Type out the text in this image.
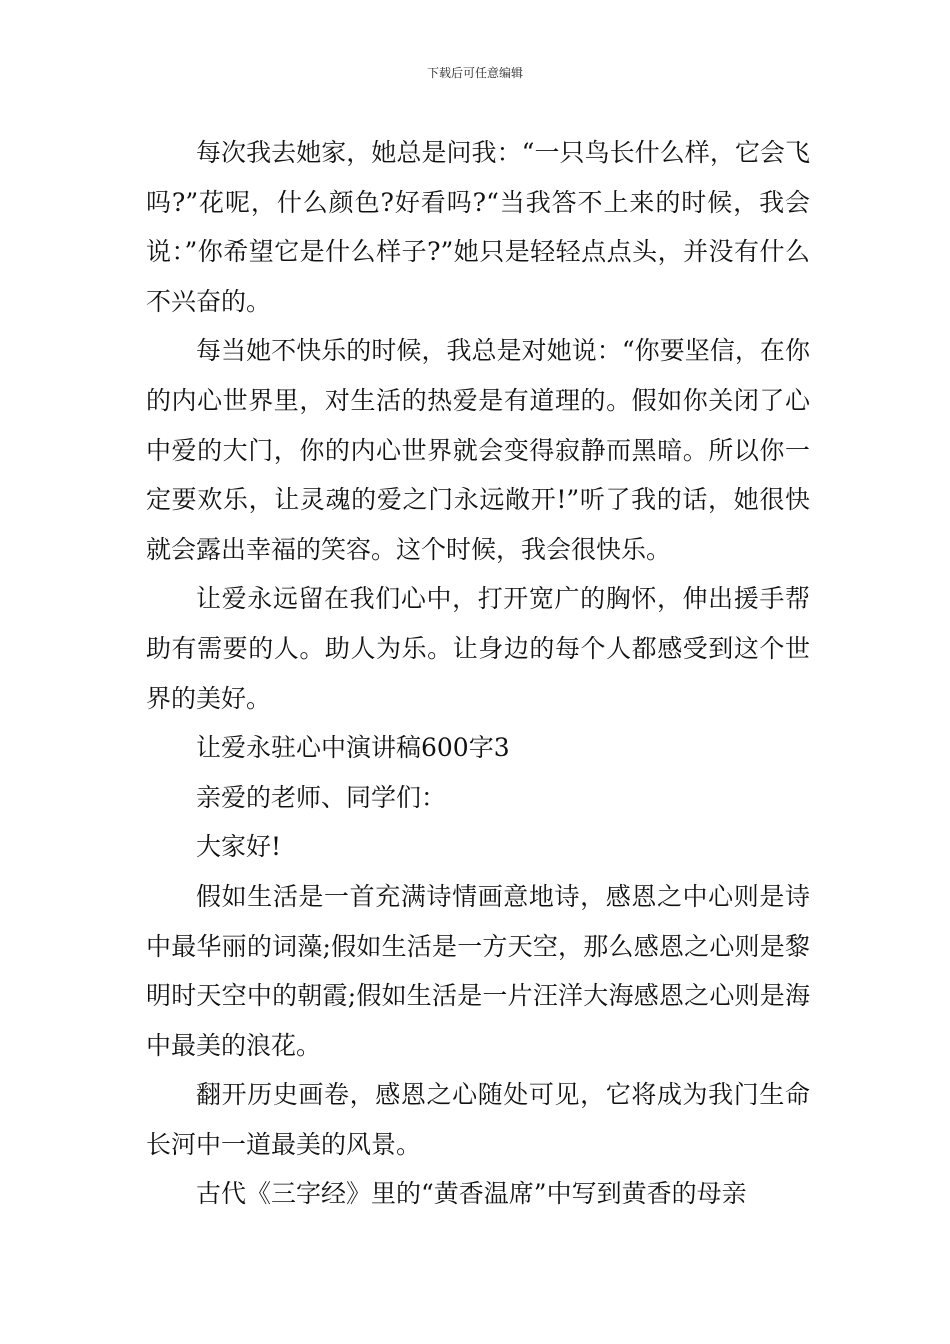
下载后可任意编辑

每次我去她家，她总是问我：“一只鸟长什么样，它会飞吗?”花呢，什么颜色?好看吗?“当我答不上来的时候，我会说：”你希望它是什么样子?”她只是轻轻点点头，并没有什么不兴奋的。

每当她不快乐的时候，我总是对她说：“你要坚信，在你的内心世界里，对生活的热爱是有道理的。假如你关闭了心中爱的大门，你的内心世界就会变得寂静而黑暗。所以你一定要欢乐，让灵魂的爱之门永远敞开!”听了我的话，她很快就会露出幸福的笑容。这个时候，我会很快乐。

让爱永远留在我们心中，打开宽广的胸怀，伸出援手帮助有需要的人。助人为乐。让身边的每个人都感受到这个世界的美好。

让爱永驻心中演讲稿600字3

亲爱的老师、同学们：

大家好!

假如生活是一首充满诗情画意地诗，感恩之中心则是诗中最华丽的词藻;假如生活是一方天空，那么感恩之心则是黎明时天空中的朝霞;假如生活是一片汪洋大海感恩之心则是海中最美的浪花。

翻开历史画卷，感恩之心随处可见，它将成为我门生命长河中一道最美的风景。

古代《三字经》里的“黄香温席”中写到黄香的母亲
